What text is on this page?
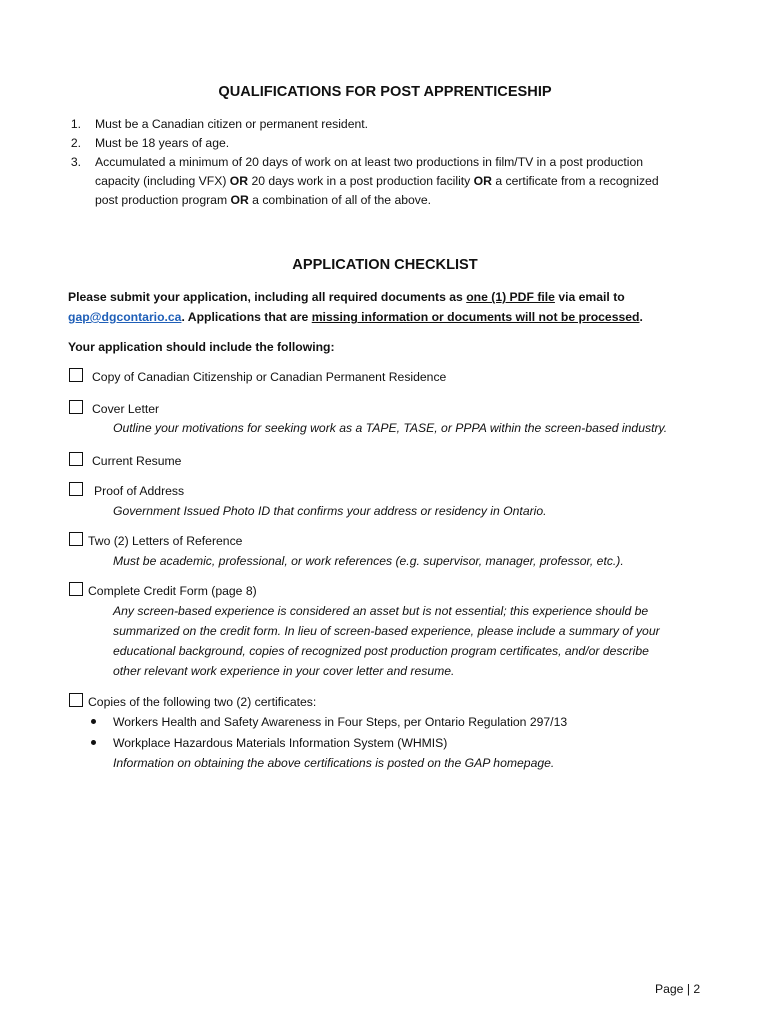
QUALIFICATIONS FOR POST APPRENTICESHIP
1. Must be a Canadian citizen or permanent resident.
2. Must be 18 years of age.
3. Accumulated a minimum of 20 days of work on at least two productions in film/TV in a post production
capacity (including VFX) OR 20 days work in a post production facility OR a certificate from a recognized
post production program OR a combination of all of the above.
APPLICATION CHECKLIST
Please submit your application, including all required documents as one (1) PDF file via email to
gap@dgcontario.ca. Applications that are missing information or documents will not be processed.
Your application should include the following:
Copy of Canadian Citizenship or Canadian Permanent Residence
Cover Letter
Outline your motivations for seeking work as a TAPE, TASE, or PPPA within the screen-based industry.
Current Resume
Proof of Address
Government Issued Photo ID that confirms your address or residency in Ontario.
Two (2) Letters of Reference
Must be academic, professional, or work references (e.g. supervisor, manager, professor, etc.).
Complete Credit Form (page 8)
Any screen-based experience is considered an asset but is not essential; this experience should be
summarized on the credit form. In lieu of screen-based experience, please include a summary of your
educational background, copies of recognized post production program certificates, and/or describe
other relevant work experience in your cover letter and resume.
Copies of the following two (2) certificates:
Workers Health and Safety Awareness in Four Steps, per Ontario Regulation 297/13
Workplace Hazardous Materials Information System (WHMIS)
Information on obtaining the above certifications is posted on the GAP homepage.
Page | 2
